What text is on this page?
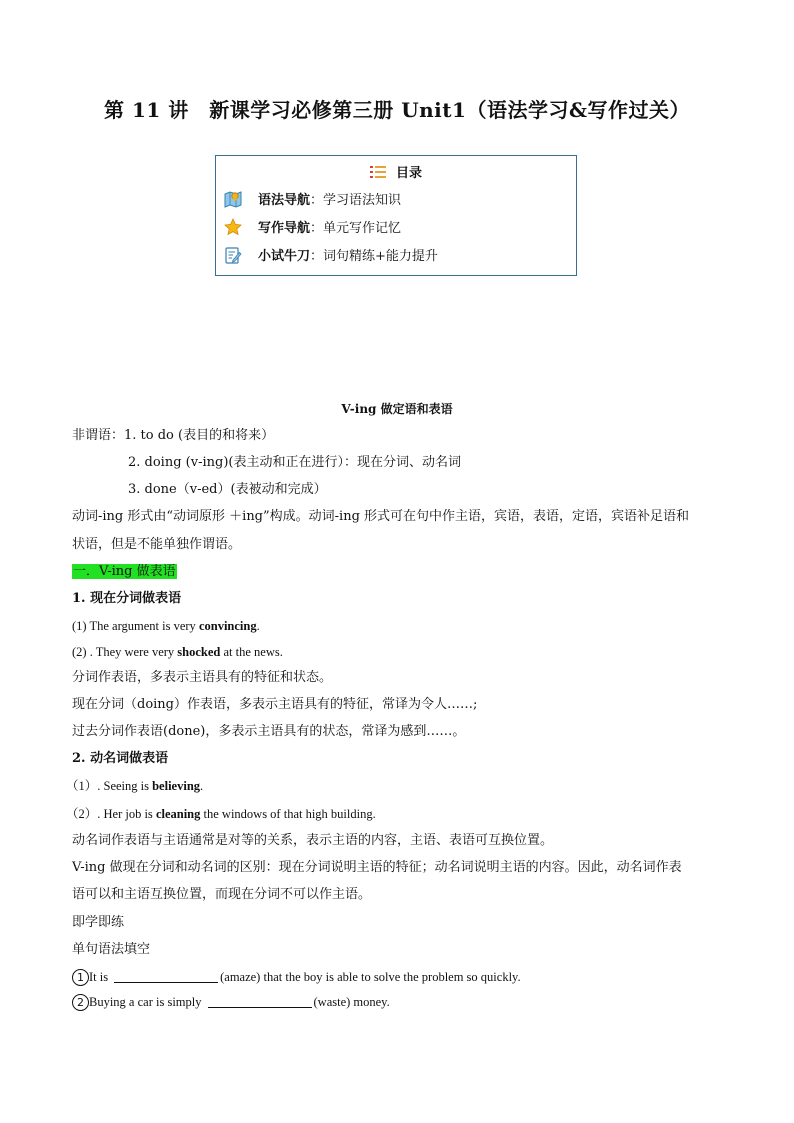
第 11 讲　新课学习必修第三册 Unit1（语法学习&写作过关）
目录
语法导航：学习语法知识
写作导航：单元写作记忆
小试牛刀：词句精练+能力提升
V-ing 做定语和表语
非谓语：1. to do (表目的和将来）
2. doing (v-ing)(表主动和正在进行）：现在分词、动名词
3. done（v-ed）(表被动和完成）
动词-ing 形式由“动词原形 ＋ing”构成。动词-ing 形式可在句中作主语，宾语，表语，定语，宾语补足语和
状语，但是不能单独作谓语。
一．V-ing 做表语
1. 现在分词做表语
(1) The argument is very convincing.
(2) . They were very shocked at the news.
分词作表语，多表示主语具有的特征和状态。
现在分词（doing）作表语，多表示主语具有的特征，常译为令人……;
过去分词作表语(done)，多表示主语具有的状态，常译为感到……。
2. 动名词做表语
（1）. Seeing is believing.
（2）. Her job is cleaning the windows of that high building.
动名词作表语与主语通常是对等的关系，表示主语的内容，主语、表语可互换位置。
V-ing 做现在分词和动名词的区别：现在分词说明主语的特征；动名词说明主语的内容。因此，动名词作表
语可以和主语互换位置，而现在分词不可以作主语。
即学即练
单句语法填空
1 It is	(amaze) that the boy is able to solve the problem so quickly.
2 Buying a car is simply	(waste) money.
